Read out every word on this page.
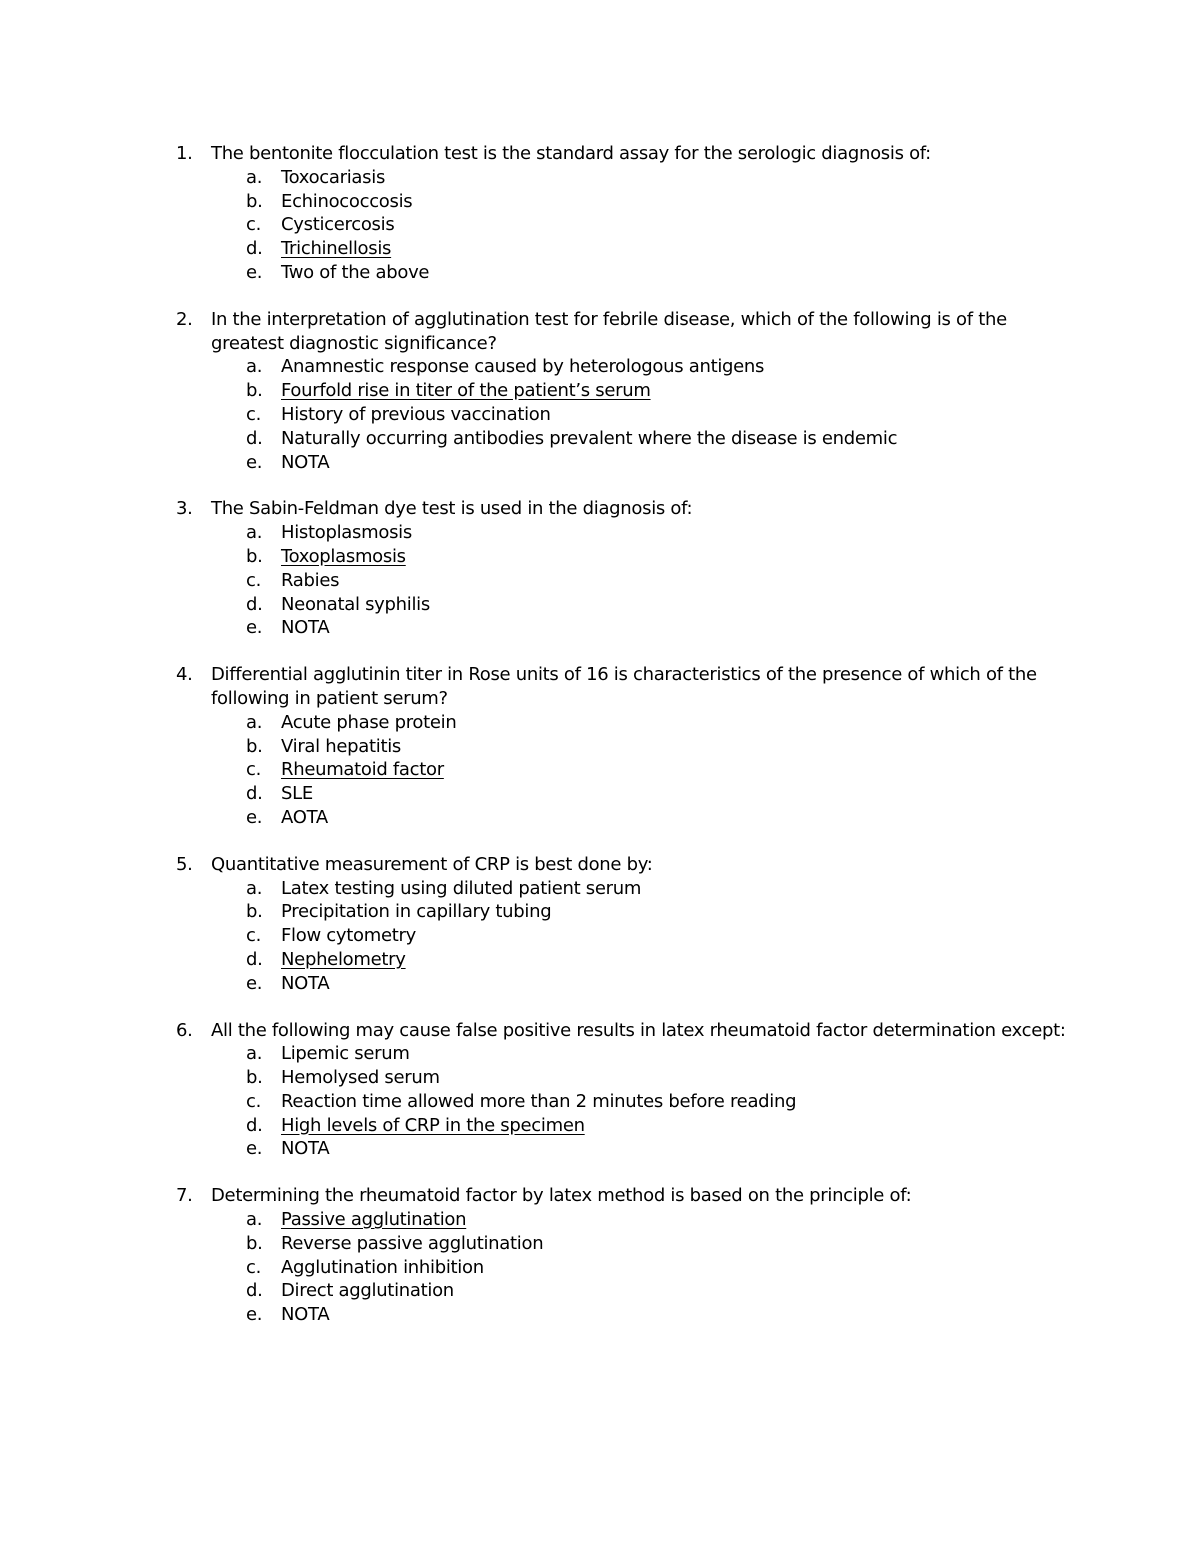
1. The bentonite flocculation test is the standard assay for the serologic diagnosis of:
a. Toxocariasis
b. Echinococcosis
c. Cysticercosis
d. Trichinellosis
e. Two of the above
2. In the interpretation of agglutination test for febrile disease, which of the following is of the greatest diagnostic significance?
a. Anamnestic response caused by heterologous antigens
b. Fourfold rise in titer of the patient’s serum
c. History of previous vaccination
d. Naturally occurring antibodies prevalent where the disease is endemic
e. NOTA
3. The Sabin-Feldman dye test is used in the diagnosis of:
a. Histoplasmosis
b. Toxoplasmosis
c. Rabies
d. Neonatal syphilis
e. NOTA
4. Differential agglutinin titer in Rose units of 16 is characteristics of the presence of which of the following in patient serum?
a. Acute phase protein
b. Viral hepatitis
c. Rheumatoid factor
d. SLE
e. AOTA
5. Quantitative measurement of CRP is best done by:
a. Latex testing using diluted patient serum
b. Precipitation in capillary tubing
c. Flow cytometry
d. Nephelometry
e. NOTA
6. All the following may cause false positive results in latex rheumatoid factor determination except:
a. Lipemic serum
b. Hemolysed serum
c. Reaction time allowed more than 2 minutes before reading
d. High levels of CRP in the specimen
e. NOTA
7. Determining the rheumatoid factor by latex method is based on the principle of:
a. Passive agglutination
b. Reverse passive agglutination
c. Agglutination inhibition
d. Direct agglutination
e. NOTA
